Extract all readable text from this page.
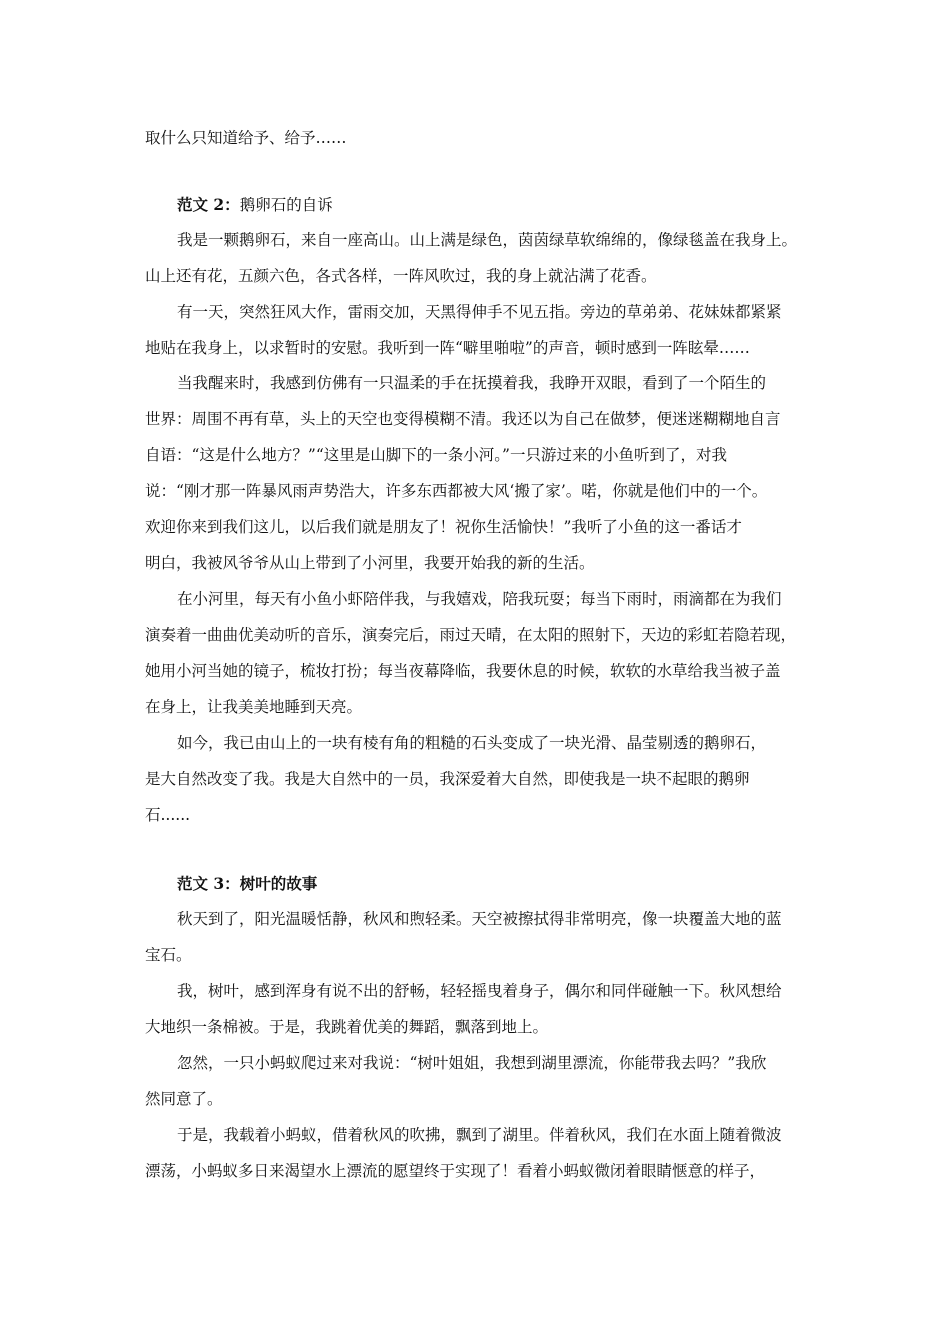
取什么只知道给予、给予……
范文 2：鹅卵石的自诉
我是一颗鹅卵石，来自一座高山。山上满是绿色，茵茵绿草软绵绵的，像绿毯盖在我身上。
山上还有花，五颜六色，各式各样，一阵风吹过，我的身上就沾满了花香。
有一天，突然狂风大作，雷雨交加，天黑得伸手不见五指。旁边的草弟弟、花妹妹都紧紧
地贴在我身上，以求暂时的安慰。我听到一阵“噼里啪啦”的声音，顿时感到一阵眩晕……
当我醒来时，我感到仿佛有一只温柔的手在抚摸着我，我睁开双眼，看到了一个陌生的
世界：周围不再有草，头上的天空也变得模糊不清。我还以为自己在做梦，便迷迷糊糊地自言
自语：“这是什么地方？”“这里是山脚下的一条小河。”一只游过来的小鱼听到了，对我
说：“刚才那一阵暴风雨声势浩大，许多东西都被大风‘搬了家’。喏，你就是他们中的一个。
欢迎你来到我们这儿，以后我们就是朋友了！祝你生活愉快！”我听了小鱼的这一番话才
明白，我被风爷爷从山上带到了小河里，我要开始我的新的生活。
在小河里，每天有小鱼小虾陪伴我，与我嬉戏，陪我玩耍；每当下雨时，雨滴都在为我们
演奏着一曲曲优美动听的音乐，演奏完后，雨过天晴，在太阳的照射下，天边的彩虹若隐若现，
她用小河当她的镜子，梳妆打扮；每当夜幕降临，我要休息的时候，软软的水草给我当被子盖
在身上，让我美美地睡到天亮。
如今，我已由山上的一块有棱有角的粗糙的石头变成了一块光滑、晶莹剔透的鹅卵石，
是大自然改变了我。我是大自然中的一员，我深爱着大自然，即使我是一块不起眼的鹅卵
石......
范文 3：树叶的故事
秋天到了，阳光温暖恬静，秋风和煦轻柔。天空被擦拭得非常明亮，像一块覆盖大地的蓝
宝石。
我，树叶，感到浑身有说不出的舒畅，轻轻摇曳着身子，偶尔和同伴碰触一下。秋风想给
大地织一条棉被。于是，我跳着优美的舞蹈，飘落到地上。
忽然，一只小蚂蚁爬过来对我说：“树叶姐姐，我想到湖里漂流，你能带我去吗？”我欣
然同意了。
于是，我载着小蚂蚁，借着秋风的吹拂，飘到了湖里。伴着秋风，我们在水面上随着微波
漂荡，小蚂蚁多日来渴望水上漂流的愿望终于实现了！看着小蚂蚁微闭着眼睛惬意的样子，
